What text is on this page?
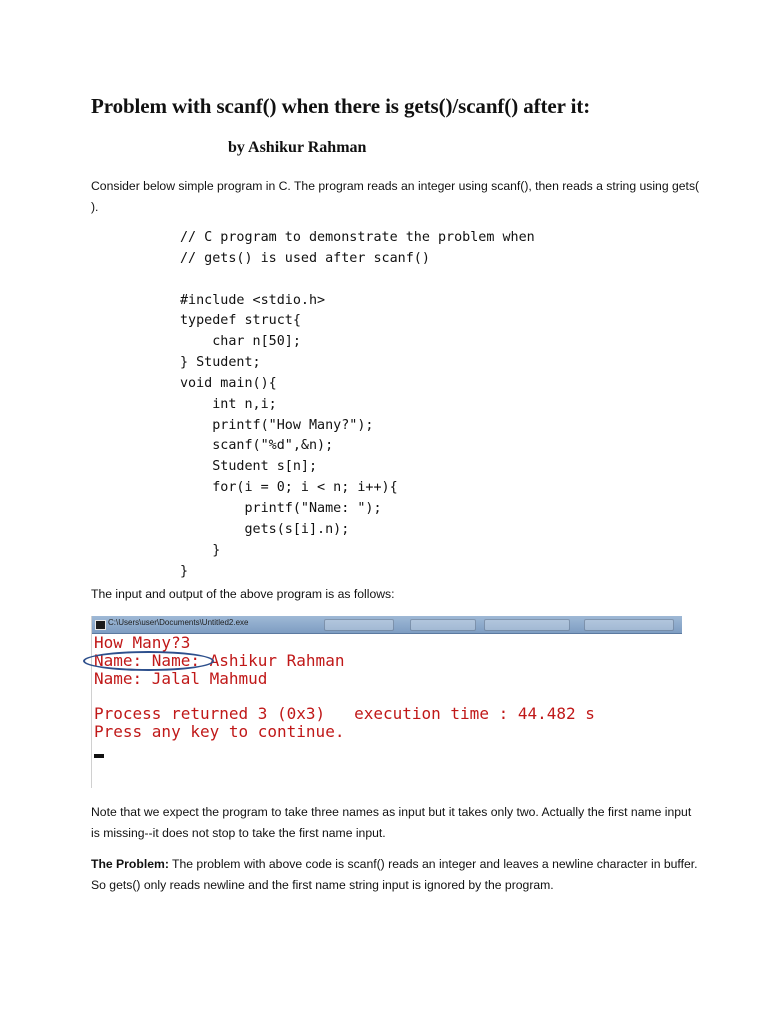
Problem with scanf() when there is gets()/scanf() after it:

by Ashikur Rahman

Consider below simple program in C. The program reads an integer using scanf(), then reads a string using gets( ).

// C program to demonstrate the problem when
// gets() is used after scanf()
#include <stdio.h>
typedef struct{
char n[50];
} Student;
void main(){
int n,i;
printf("How Many?");
scanf("%d",&n);
Student s[n];
for(i = 0; i < n; i++){
printf("Name: ");
gets(s[i].n);
}
}

The input and output of the above program is as follows:

C:\Users\user\Documents\Untitled2.exe
How Many?3
Name: Name: Ashikur Rahman
Name: Jalal Mahmud
Process returned 3 (0x3)   execution time : 44.482 s
Press any key to continue.

Note that we expect the program to take three names as input but it takes only two. Actually the first name input is missing--it does not stop to take the first name input.

The Problem: The problem with above code is scanf() reads an integer and leaves a newline character in buffer. So gets() only reads newline and the first name string input is ignored by the program.
